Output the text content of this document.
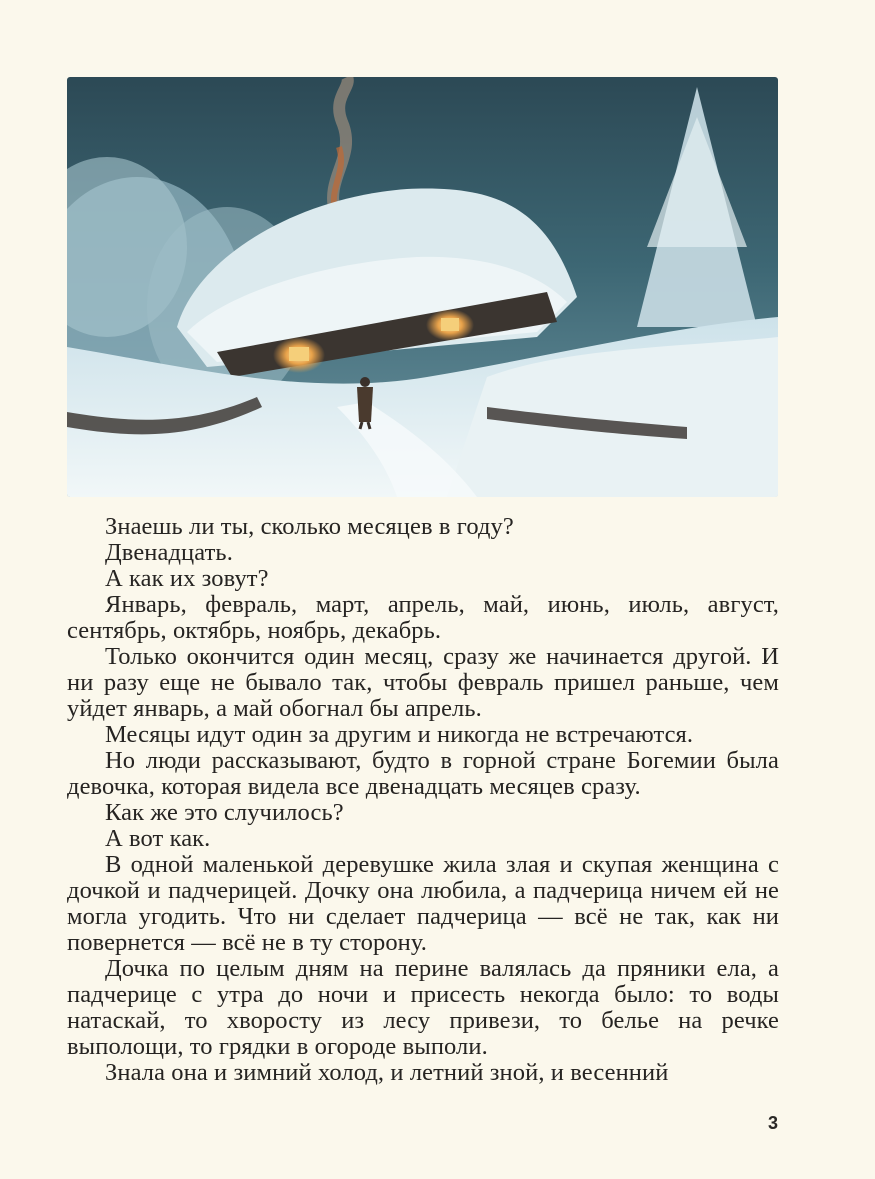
Знаешь ли ты, сколько месяцев в году?

Двенадцать.

А как их зовут?

Январь, февраль, март, апрель, май, июнь, июль, август, сентябрь, октябрь, ноябрь, декабрь.

Только окончится один месяц, сразу же начинается другой. И ни разу еще не бывало так, чтобы февраль пришел раньше, чем уйдет январь, а май обогнал бы апрель.

Месяцы идут один за другим и никогда не встречаются.

Но люди рассказывают, будто в горной стране Богемии была девочка, которая видела все двенадцать месяцев сразу.

Как же это случилось?

А вот как.

В одной маленькой деревушке жила злая и скупая женщина с дочкой и падчерицей. Дочку она любила, а падчерица ничем ей не могла угодить. Что ни сделает падчерица — всё не так, как ни повернется — всё не в ту сторону.

Дочка по целым дням на перине валялась да пряники ела, а падчерице с утра до ночи и присесть некогда было: то воды натаскай, то хворосту из лесу привези, то белье на речке выполощи, то грядки в огороде выполи.

Знала она и зимний холод, и летний зной, и весенний

3
